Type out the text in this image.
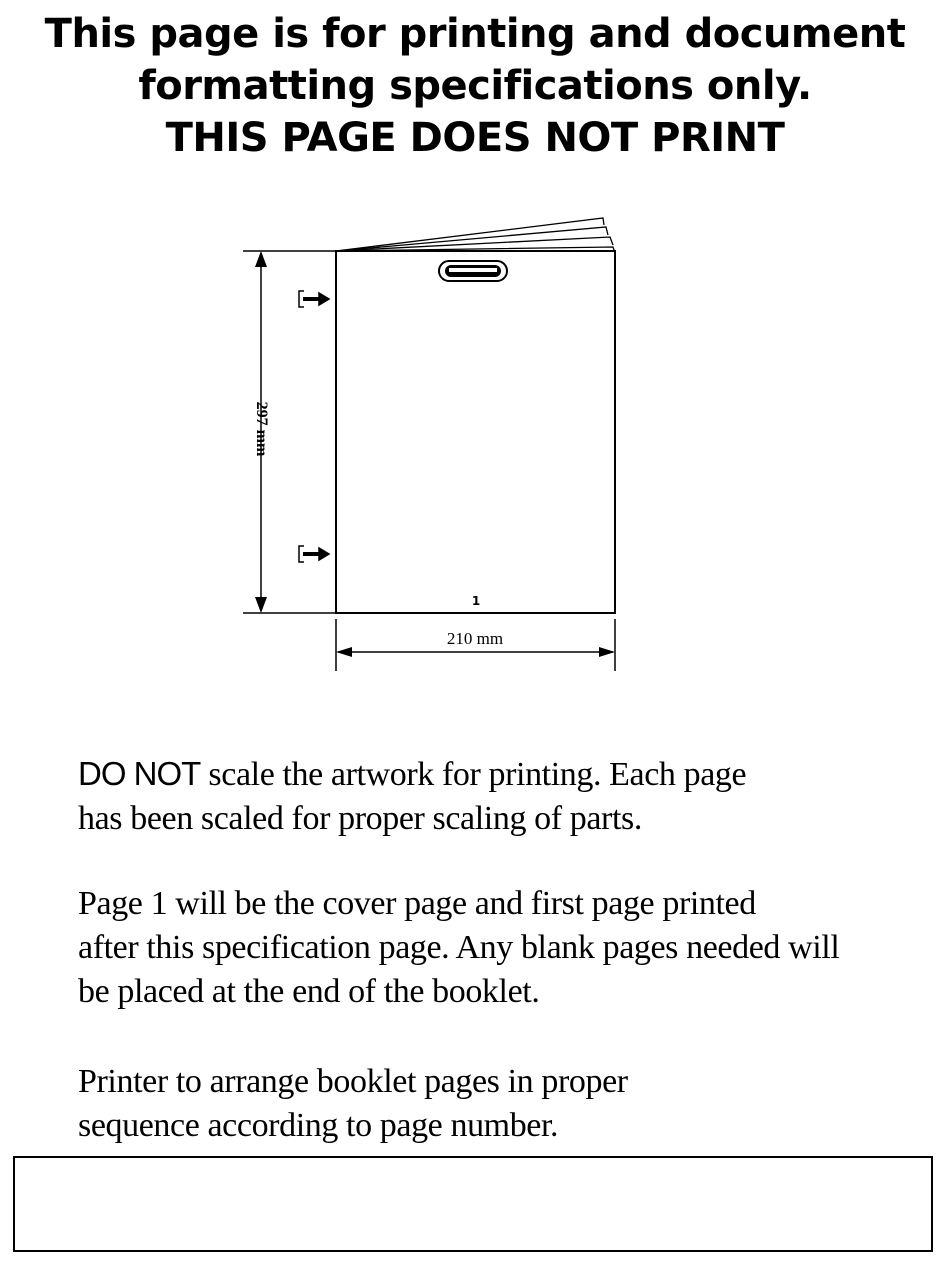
This page is for printing and document
formatting specifications only.
THIS PAGE DOES NOT PRINT
1
297 mm
210 mm
DO NOT scale the artwork for printing. Each page
has been scaled for proper scaling of parts.
Page 1 will be the cover page and first page printed
after this specification page. Any blank pages needed will
be placed at the end of the booklet.
Printer to arrange booklet pages in proper
sequence according to page number.
